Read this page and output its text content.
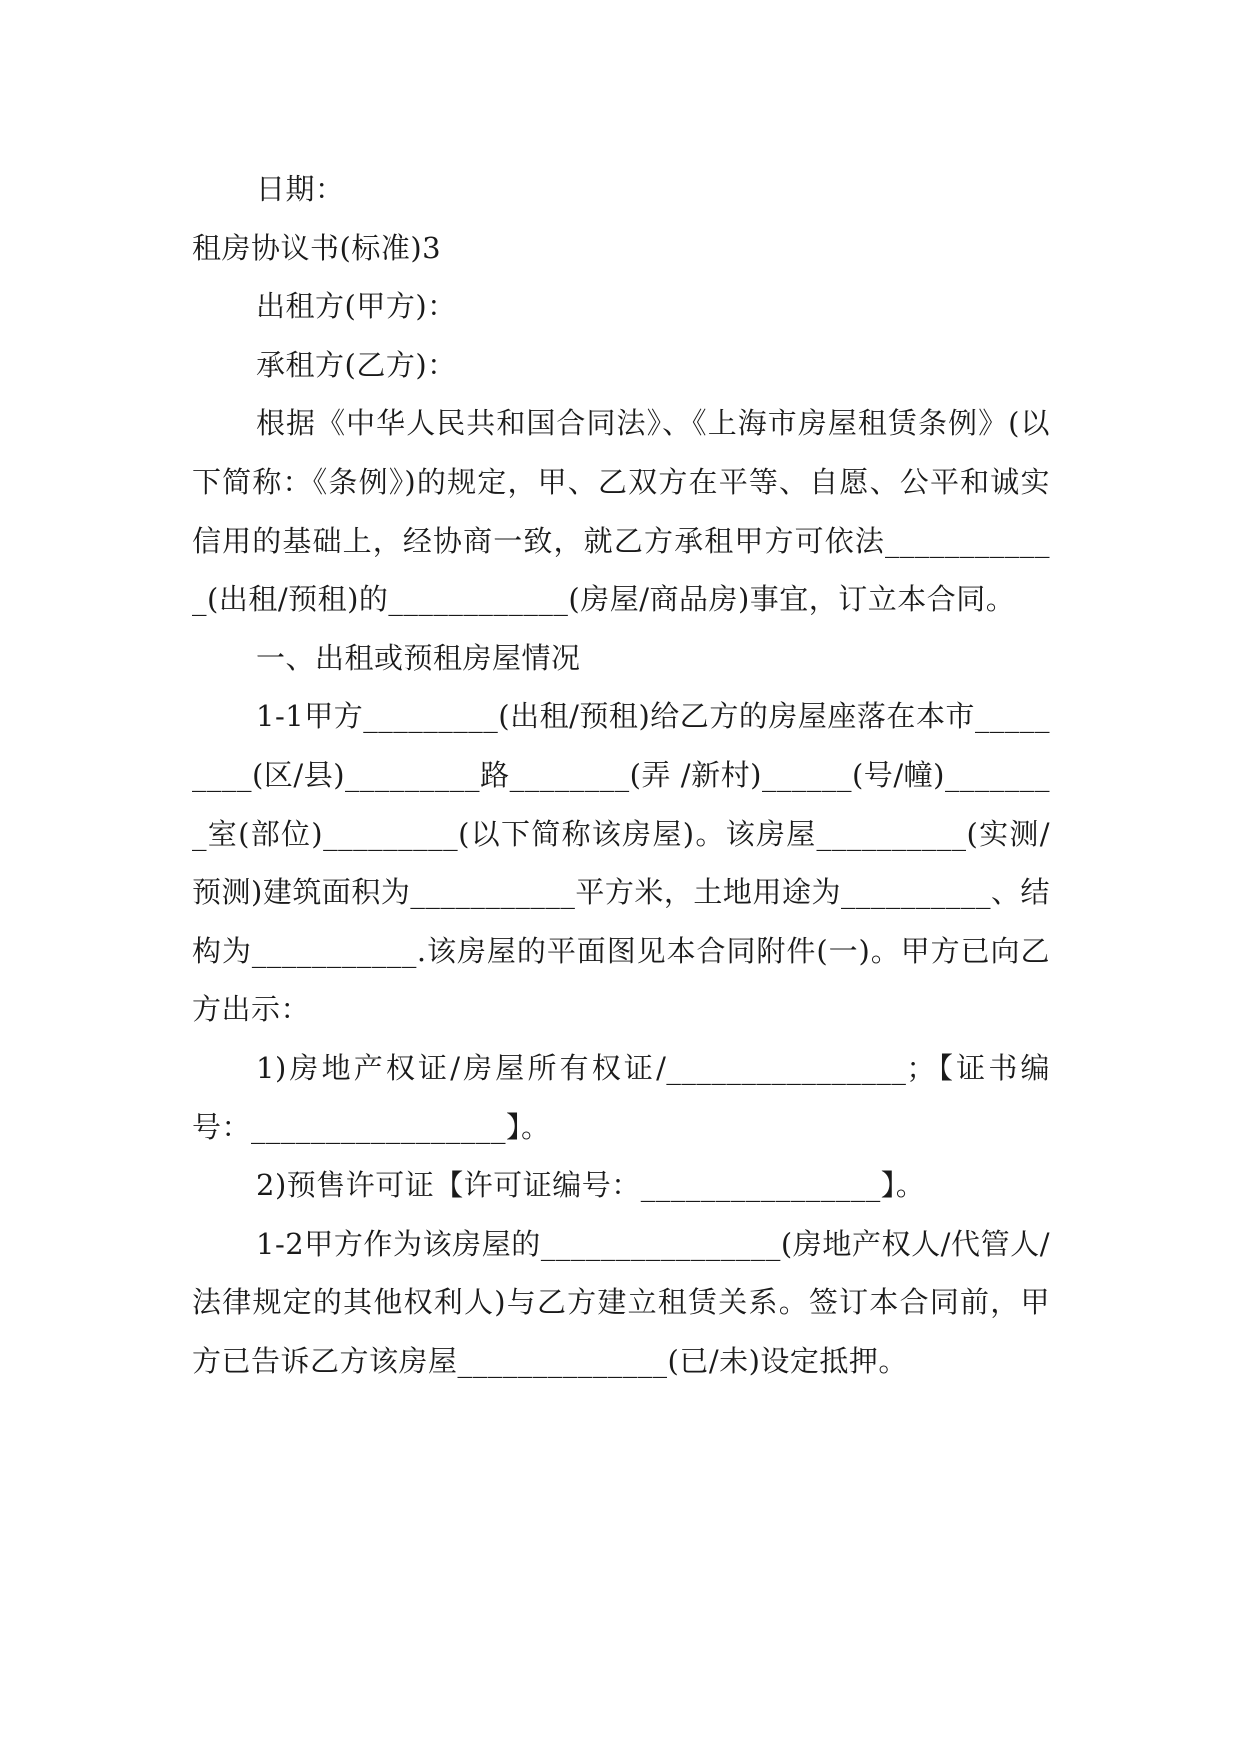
日期：

租房协议书(标准)3

出租方(甲方)：

承租方(乙方)：

根据《中华人民共和国合同法》、《上海市房屋租赁条例》(以下简称：《条例》)的规定，甲、乙双方在平等、自愿、公平和诚实信用的基础上，经协商一致，就乙方承租甲方可依法____________(出租/预租)的____________(房屋/商品房)事宜，订立本合同。

一、出租或预租房屋情况

1-1甲方_________(出租/预租)给乙方的房屋座落在本市_________(区/县)_________路________(弄 /新村)______(号/幢)________室(部位)_________(以下简称该房屋)。该房屋__________(实测/预测)建筑面积为___________平方米，土地用途为__________、结构为___________.该房屋的平面图见本合同附件(一)。甲方已向乙方出示：

1)房地产权证/房屋所有权证/________________；【证书编号：_________________】。

2)预售许可证【许可证编号：________________】。

1-2甲方作为该房屋的________________(房地产权人/代管人/法律规定的其他权利人)与乙方建立租赁关系。签订本合同前，甲方已告诉乙方该房屋______________(已/未)设定抵押。
